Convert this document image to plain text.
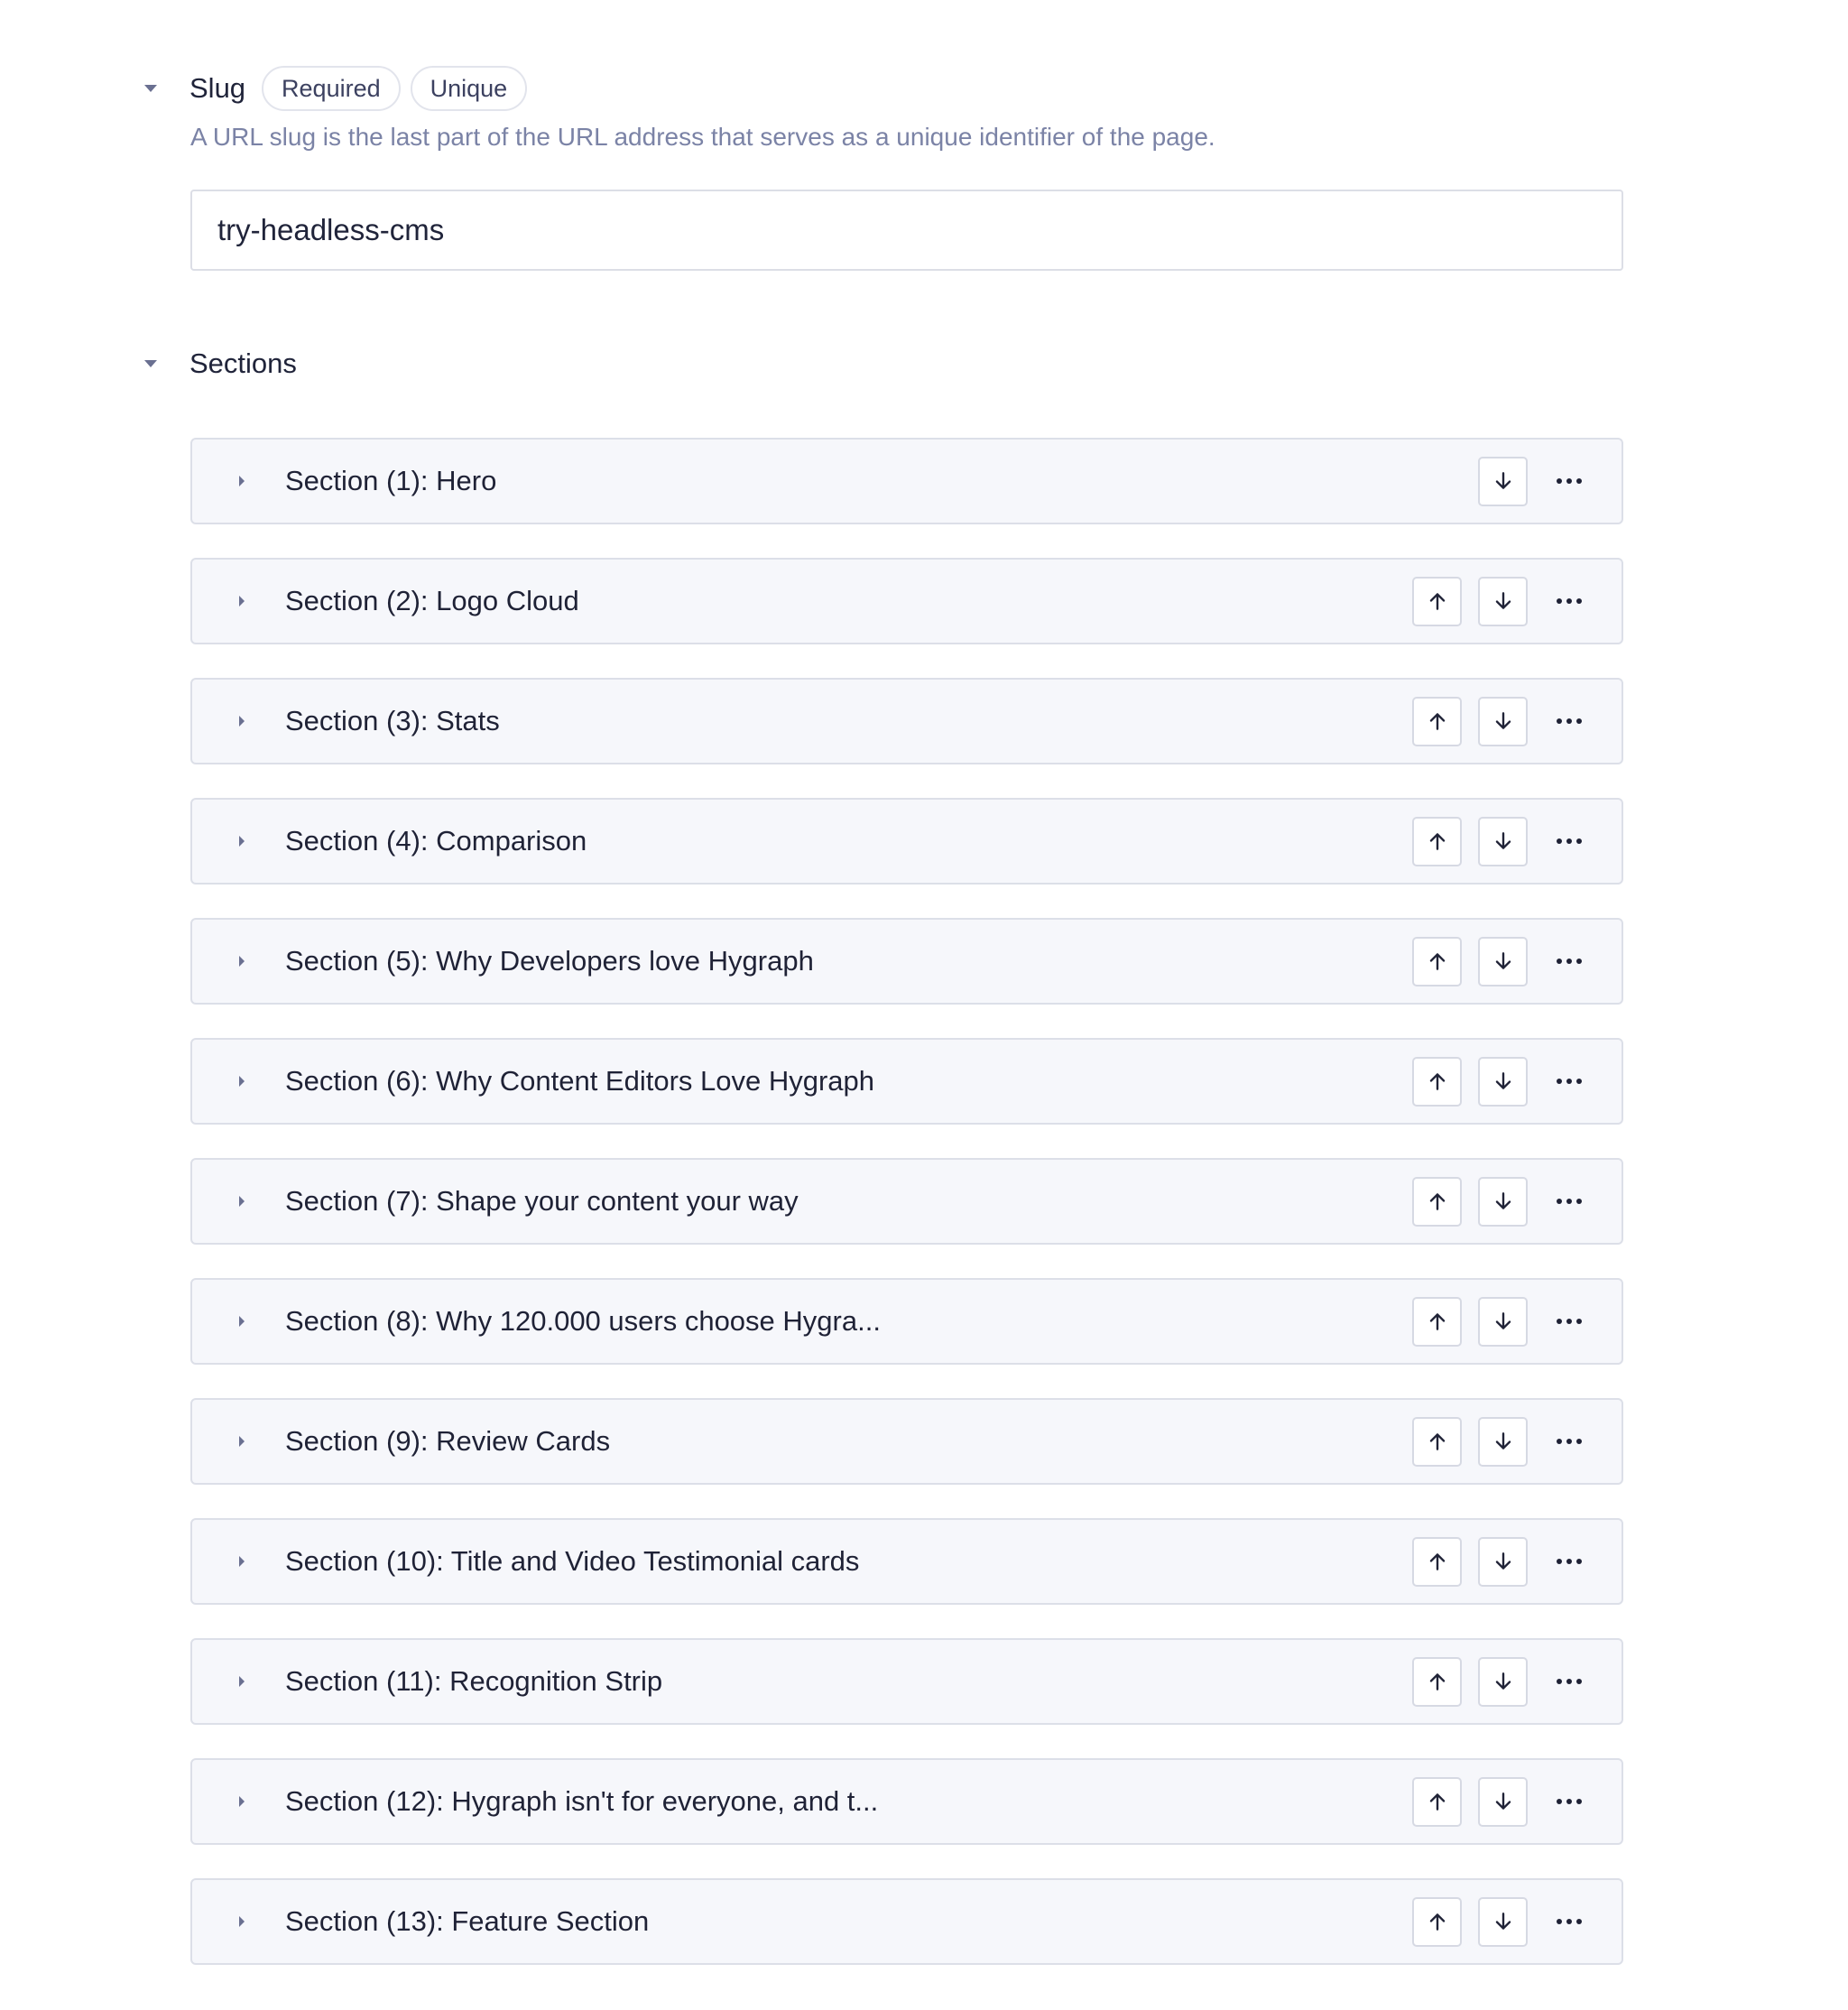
Slug	Required	Unique
A URL slug is the last part of the URL address that serves as a unique identifier of the page.
try-headless-cms
Sections
Section (1): Hero
Section (2): Logo Cloud
Section (3): Stats
Section (4): Comparison
Section (5): Why Developers love Hygraph
Section (6): Why Content Editors Love Hygraph
Section (7): Shape your content your way
Section (8): Why 120.000 users choose Hygra...
Section (9): Review Cards
Section (10): Title and Video Testimonial cards
Section (11): Recognition Strip
Section (12): Hygraph isn't for everyone, and t...
Section (13): Feature Section
